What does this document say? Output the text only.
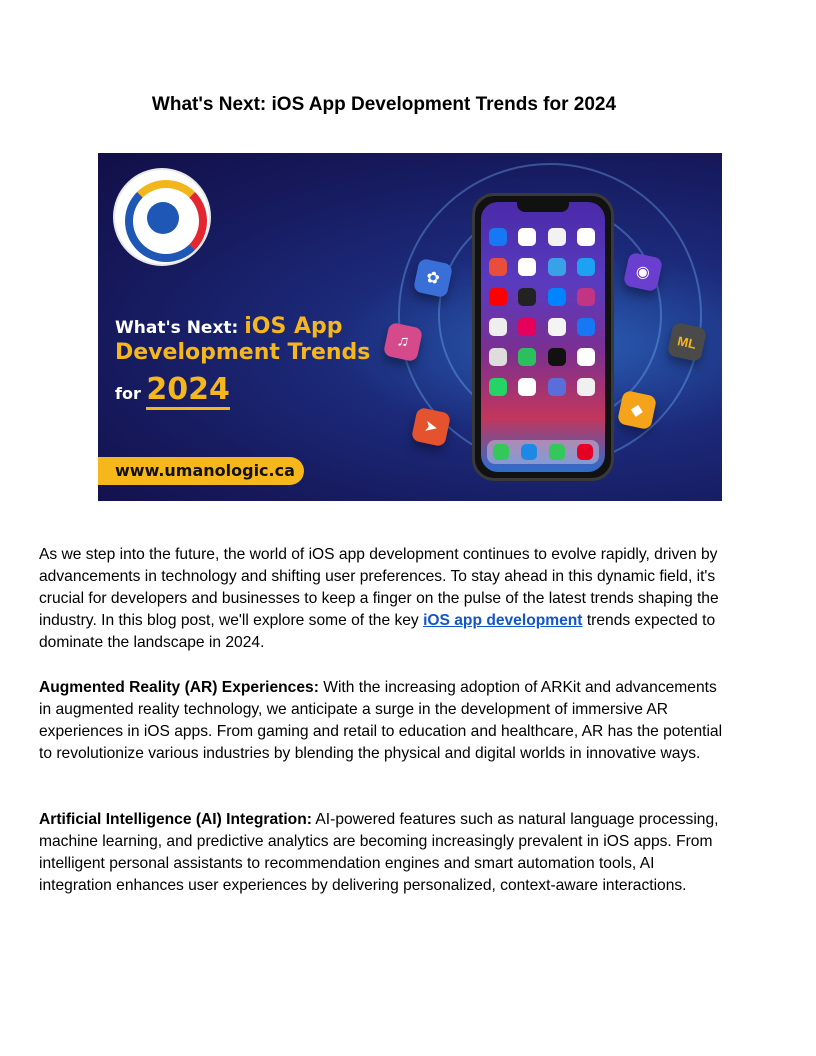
What's Next: iOS App Development Trends for 2024
What's Next: iOS App
Development Trends
for 2024
www.umanologic.ca
✿
♫
➤
◉
ML
◆

As we step into the future, the world of iOS app development continues to evolve rapidly, driven by advancements in technology and shifting user preferences. To stay ahead in this dynamic field, it's crucial for developers and businesses to keep a finger on the pulse of the latest trends shaping the industry. In this blog post, we'll explore some of the key iOS app development trends expected to dominate the landscape in 2024.

Augmented Reality (AR) Experiences: With the increasing adoption of ARKit and advancements in augmented reality technology, we anticipate a surge in the development of immersive AR experiences in iOS apps. From gaming and retail to education and healthcare, AR has the potential to revolutionize various industries by blending the physical and digital worlds in innovative ways.

Artificial Intelligence (AI) Integration: AI-powered features such as natural language processing, machine learning, and predictive analytics are becoming increasingly prevalent in iOS apps. From intelligent personal assistants to recommendation engines and smart automation tools, AI integration enhances user experiences by delivering personalized, context-aware interactions.
